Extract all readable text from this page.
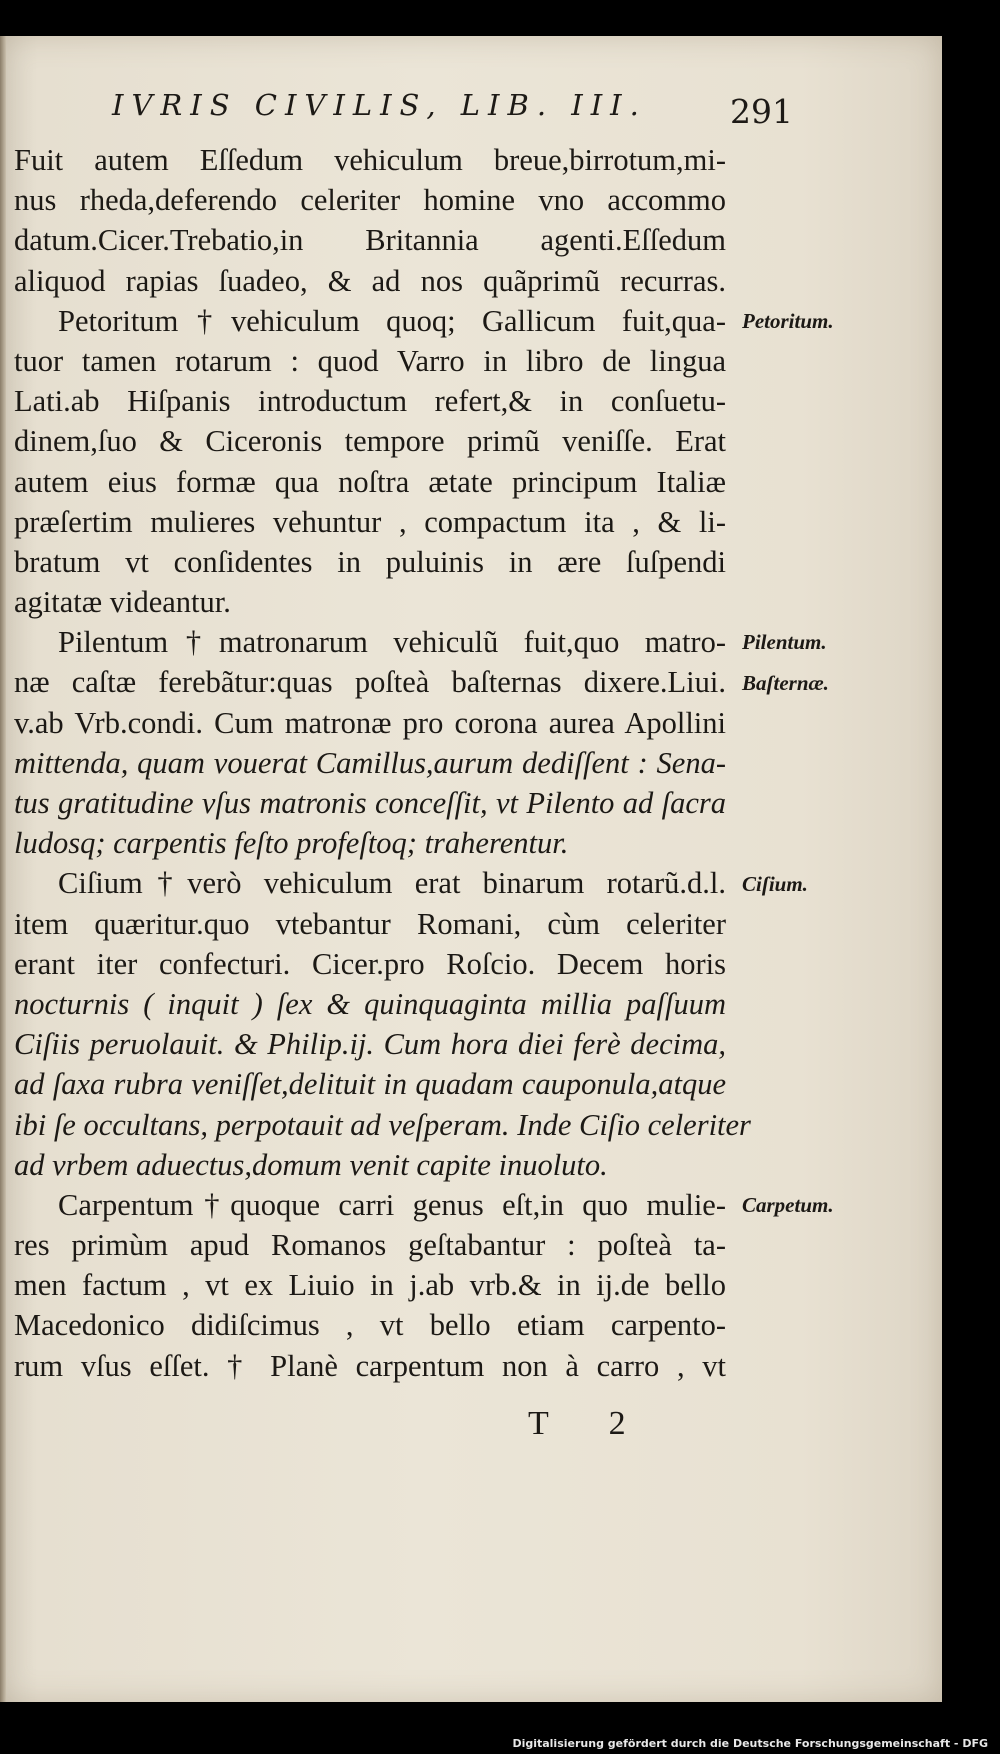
IVRIS CIVILIS, LIB. III.	291
Fuit autem Eſſedum vehiculum breue,birrotum,mi-
nus rheda,deferendo celeriter homine vno accommo
datum.Cicer.Trebatio,in Britannia agenti.Eſſedum
aliquod rapias ſuadeo, & ad nos quãprimũ recurras.
Petoritum†vehiculum quoq; Gallicum fuit,qua-
tuor tamen rotarum : quod Varro in libro de lingua
Lati.ab Hiſpanis introductum refert,& in conſuetu-
dinem,ſuo & Ciceronis tempore primũ veniſſe. Erat
autem eius formæ qua noſtra ætate principum Italiæ
præſertim mulieres vehuntur , compactum ita , & li-
bratum vt conſidentes in puluinis in ære ſuſpendi
agitatæ videantur.
Pilentum†matronarum vehiculũ fuit,quo matro-
næ caſtæ ferebãtur:quas poſteà baſternas dixere.Liui.
v.ab Vrb.condi. Cum matronæ pro corona aurea Apollini
mittenda, quam vouerat Camillus,aurum dediſſent : Sena-
tus gratitudine vſus matronis conceſſit, vt Pilento ad ſacra
ludosq; carpentis feſto profeſtoq; traherentur.
Ciſium†verò vehiculum erat binarum rotarũ.d.l.
item quæritur.quo vtebantur Romani, cùm celeriter
erant iter confecturi. Cicer.pro Roſcio. Decem horis
nocturnis ( inquit ) ſex & quinquaginta millia paſſuum
Ciſiis peruolauit. & Philip.ij. Cum hora diei ferè decima,
ad ſaxa rubra veniſſet,delituit in quadam cauponula,atque
ibi ſe occultans, perpotauit ad veſperam. Inde Ciſio celeriter
ad vrbem aduectus,domum venit capite inuoluto.
Carpentum†quoque carri genus eſt,in quo mulie-
res primùm apud Romanos geſtabantur : poſteà ta-
men factum , vt ex Liuio in j.ab vrb.& in ij.de bello
Macedonico didiſcimus , vt bello etiam carpento-
rum vſus eſſet. † Planè carpentum non à carro , vt
Petoritum.
Pilentum.
Baſternæ.
Ciſium.
Carpetum.
T 2
Digitalisierung gefördert durch die Deutsche Forschungsgemeinschaft - DFG
